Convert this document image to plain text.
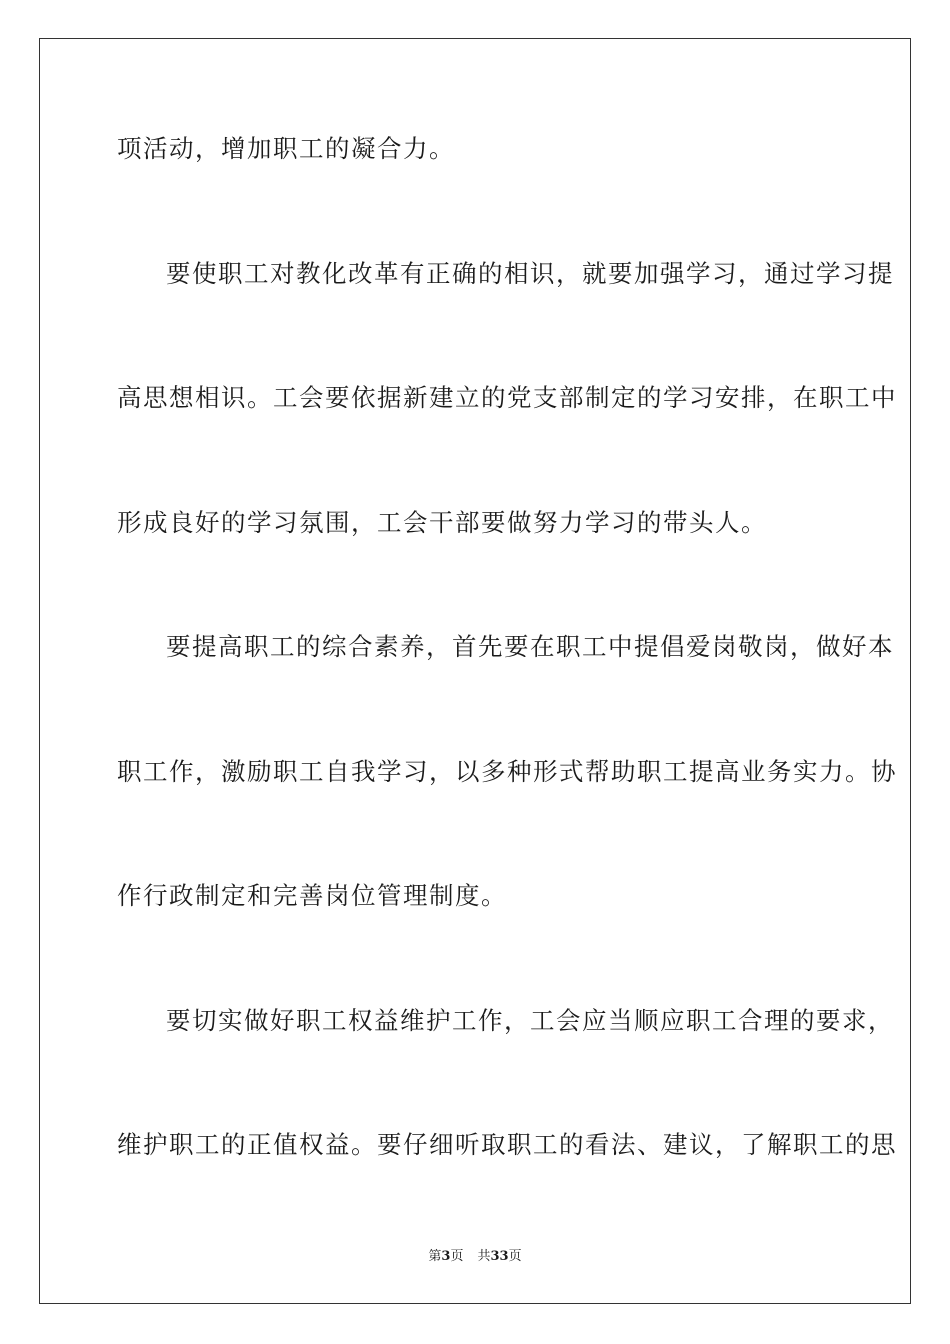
项活动，增加职工的凝合力。
要使职工对教化改革有正确的相识，就要加强学习，通过学习提
高思想相识。工会要依据新建立的党支部制定的学习安排，在职工中
形成良好的学习氛围，工会干部要做努力学习的带头人。
要提高职工的综合素养，首先要在职工中提倡爱岗敬岗，做好本
职工作，激励职工自我学习，以多种形式帮助职工提高业务实力。协
作行政制定和完善岗位管理制度。
要切实做好职工权益维护工作，工会应当顺应职工合理的要求，
维护职工的正值权益。要仔细听取职工的看法、建议，了解职工的思
第3页 共33页
